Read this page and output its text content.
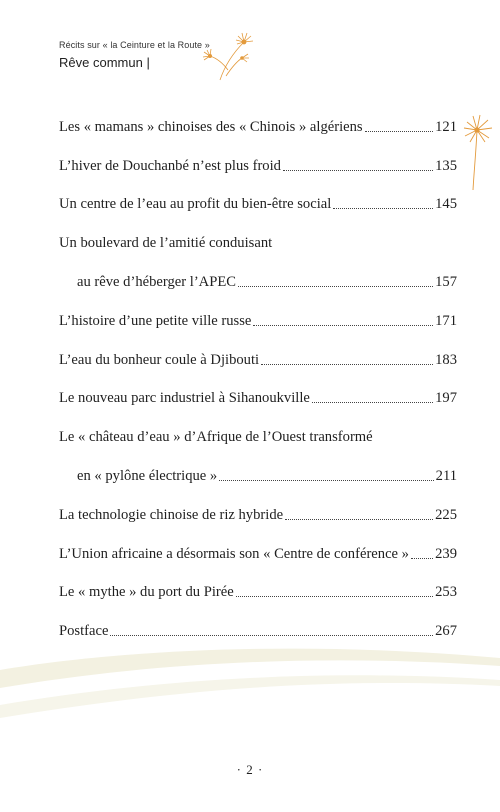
Récits sur « la Ceinture et la Route »
Rêve commun |
Les « mamans » chinoises des « Chinois » algériens	121
L’hiver de Douchanbé n’est plus froid	135
Un centre de l’eau au profit du bien-être social	145
Un boulevard de l’amitié conduisant
au rêve d’héberger l’APEC	157
L’histoire d’une petite ville russe	171
L’eau du bonheur coule à Djibouti	183
Le nouveau parc industriel à Sihanoukville	197
Le « château d’eau » d’Afrique de l’Ouest transformé
en « pylône électrique »	211
La technologie chinoise de riz hybride	225
L’Union africaine a désormais son « Centre de conférence » 239
Le « mythe » du port du Pirée	253
Postface	267
· 2 ·
